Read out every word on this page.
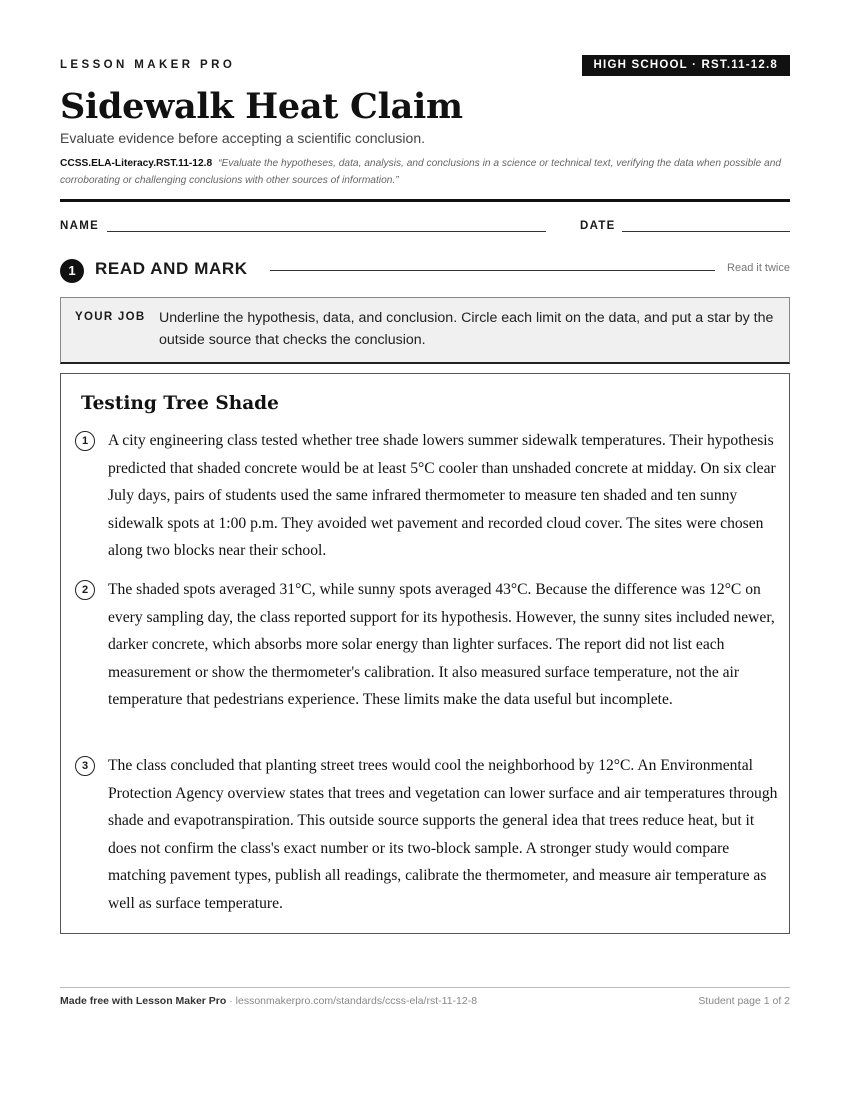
LESSON MAKER PRO	HIGH SCHOOL · RST.11-12.8
Sidewalk Heat Claim
Evaluate evidence before accepting a scientific conclusion.
CCSS.ELA-Literacy.RST.11-12.8 “Evaluate the hypotheses, data, analysis, and conclusions in a science or technical text, verifying the data when possible and corroborating or challenging conclusions with other sources of information.”
NAME	DATE
1	READ AND MARK	Read it twice
YOUR JOB Underline the hypothesis, data, and conclusion. Circle each limit on the data, and put a star by the outside source that checks the conclusion.
Testing Tree Shade
1	A city engineering class tested whether tree shade lowers summer sidewalk temperatures. Their hypothesis predicted that shaded concrete would be at least 5°C cooler than unshaded concrete at midday. On six clear July days, pairs of students used the same infrared thermometer to measure ten shaded and ten sunny sidewalk spots at 1:00 p.m. They avoided wet pavement and recorded cloud cover. The sites were chosen along two blocks near their school.
2	The shaded spots averaged 31°C, while sunny spots averaged 43°C. Because the difference was 12°C on every sampling day, the class reported support for its hypothesis. However, the sunny sites included newer, darker concrete, which absorbs more solar energy than lighter surfaces. The report did not list each measurement or show the thermometer's calibration. It also measured surface temperature, not the air temperature that pedestrians experience. These limits make the data useful but incomplete.
3	The class concluded that planting street trees would cool the neighborhood by 12°C. An Environmental Protection Agency overview states that trees and vegetation can lower surface and air temperatures through shade and evapotranspiration. This outside source supports the general idea that trees reduce heat, but it does not confirm the class's exact number or its two-block sample. A stronger study would compare matching pavement types, publish all readings, calibrate the thermometer, and measure air temperature as well as surface temperature.
Made free with Lesson Maker Pro · lessonmakerpro.com/standards/ccss-ela/rst-11-12-8	Student page 1 of 2
